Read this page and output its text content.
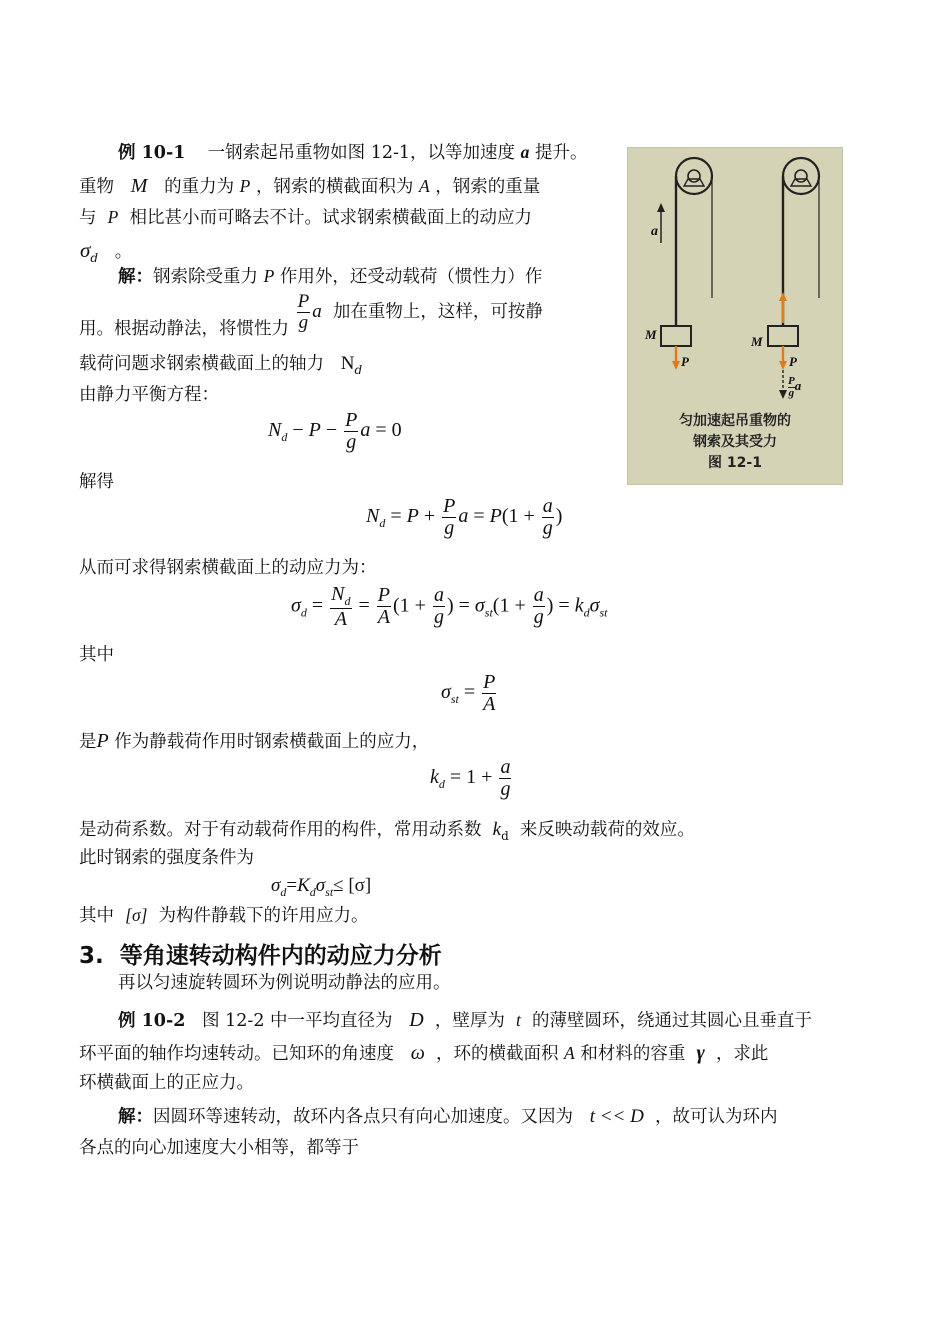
例 10-1 一钢索起吊重物如图 12-1，以等加速度 a 提升。
重物 M 的重力为 P ，钢索的横截面积为 A ，钢索的重量
与 P 相比甚小而可略去不计。试求钢索横截面上的动应力
$\sigma_d$ 。
解：钢索除受重力 P 作用外，还受动载荷（惯性力）作
用。根据动静法，将惯性力 $\frac{P}{g}$ a 加在重物上，这样，可按静
载荷问题求钢索横截面上的轴力 $N_d$
由静力平衡方程：
$N_d - P - \frac{P}{g}$ a = 0
解得
$N_d = P + \frac{P}{g}$ $a = P(1 + \frac{a}{g}$ )
从而可求得钢索横截面上的动应力为：
$\sigma_d = \frac{N_d}{A} = \frac{P}{A} (1 + \frac{a}{g}$ ) = $\sigma_{st}(1 + \frac{a}{g}$ ) = $k_d\sigma_{st}$
其中
$\sigma_{st} = \frac{P}{A}$
是P 作为静载荷作用时钢索横截面上的应力，
$k_d = 1 + \frac{a}{g}$
是动荷系数。对于有动载荷作用的构件，常用动系数 $k_d$ 来反映动载荷的效应。
此时钢索的强度条件为
$\sigma_d=K_d\sigma_{st}\le [\sigma]$
其中 [σ] 为构件静载下的许用应力。
3. 等角速转动构件内的动应力分析
再以匀速旋转圆环为例说明动静法的应用。
例 10-2 图 12-2 中一平均直径为 D ，壁厚为 t 的薄壁圆环，绕通过其圆心且垂直于
环平面的轴作均速转动。已知环的角速度 ω ，环的横截面积 A 和材料的容重 γ ，求此
环横截面上的正应力。
解：因圆环等速转动，故环内各点只有向心加速度。又因为 t << D ，故可认为环内
各点的向心加速度大小相等，都等于
a
M
P
M
P
$\frac{P}{g}$ a
匀加速起吊重物的
钢索及其受力
图 12-1
